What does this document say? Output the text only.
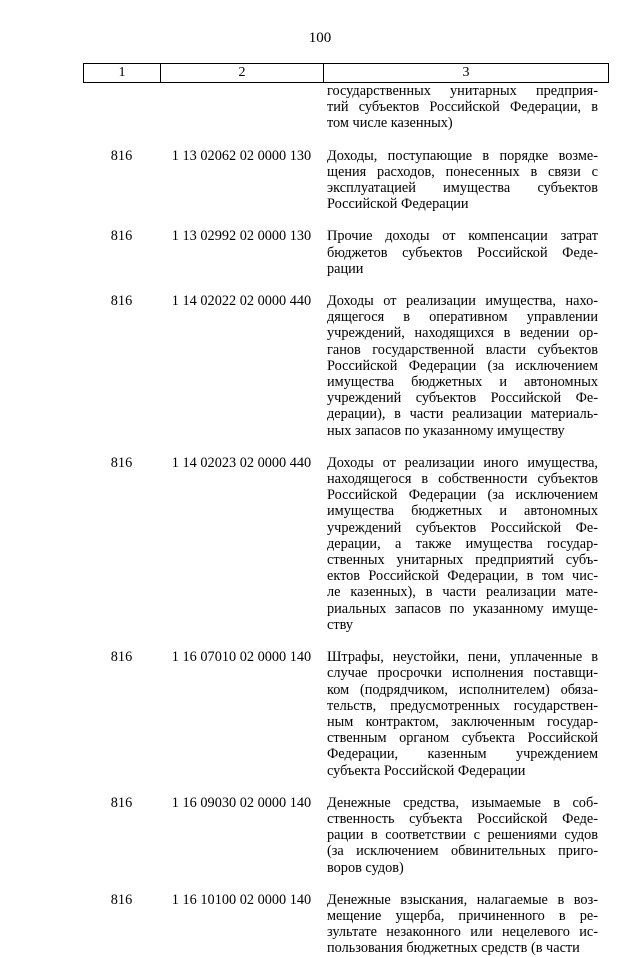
100
1	2	3
государственных унитарных предприя-
тий субъектов Российской Федерации, в
том числе казенных)
816	1 13 02062 02 0000 130	Доходы, поступающие в порядке возме-
щения расходов, понесенных в связи с
эксплуатацией имущества субъектов
Российской Федерации
816	1 13 02992 02 0000 130	Прочие доходы от компенсации затрат
бюджетов субъектов Российской Феде-
рации
816	1 14 02022 02 0000 440	Доходы от реализации имущества, нахо-
дящегося в оперативном управлении
учреждений, находящихся в ведении ор-
ганов государственной власти субъектов
Российской Федерации (за исключением
имущества бюджетных и автономных
учреждений субъектов Российской Фе-
дерации), в части реализации материаль-
ных запасов по указанному имуществу
816	1 14 02023 02 0000 440	Доходы от реализации иного имущества,
находящегося в собственности субъектов
Российской Федерации (за исключением
имущества бюджетных и автономных
учреждений субъектов Российской Фе-
дерации, а также имущества государ-
ственных унитарных предприятий субъ-
ектов Российской Федерации, в том чис-
ле казенных), в части реализации мате-
риальных запасов по указанному имуще-
ству
816	1 16 07010 02 0000 140	Штрафы, неустойки, пени, уплаченные в
случае просрочки исполнения поставщи-
ком (подрядчиком, исполнителем) обяза-
тельств, предусмотренных государствен-
ным контрактом, заключенным государ-
ственным органом субъекта Российской
Федерации, казенным учреждением
субъекта Российской Федерации
816	1 16 09030 02 0000 140	Денежные средства, изымаемые в соб-
ственность субъекта Российской Феде-
рации в соответствии с решениями судов
(за исключением обвинительных приго-
воров судов)
816	1 16 10100 02 0000 140	Денежные взыскания, налагаемые в воз-
мещение ущерба, причиненного в ре-
зультате незаконного или нецелевого ис-
пользования бюджетных средств (в части
